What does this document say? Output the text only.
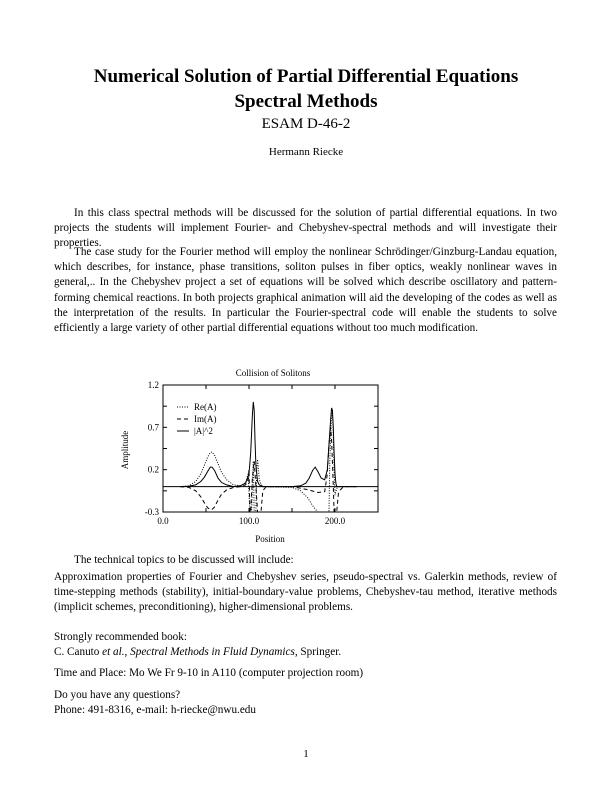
Numerical Solution of Partial Differential Equations
Spectral Methods
ESAM D-46-2
Hermann Riecke
In this class spectral methods will be discussed for the solution of partial differential equations. In two projects the students will implement Fourier- and Chebyshev-spectral methods and will investigate their properties.
The case study for the Fourier method will employ the nonlinear Schrödinger/Ginzburg-Landau equation, which describes, for instance, phase transitions, soliton pulses in fiber optics, weakly nonlinear waves in general,.. In the Chebyshev project a set of equations will be solved which describe oscillatory and pattern-forming chemical reactions. In both projects graphical animation will aid the developing of the codes as well as the interpretation of the results. In particular the Fourier-spectral code will enable the students to solve efficiently a large variety of other partial differential equations without too much modification.
Collision of Solitons
Position
Amplitude
0.0	100.0	200.0
-0.3
0.2
0.7
1.2
Re(A)
Im(A)
|A|^2
The technical topics to be discussed will include:
Approximation properties of Fourier and Chebyshev series, pseudo-spectral vs. Galerkin methods, review of time-stepping methods (stability), initial-boundary-value problems, Chebyshev-tau method, iterative methods (implicit schemes, preconditioning), higher-dimensional problems.
Strongly recommended book:
C. Canuto et al., Spectral Methods in Fluid Dynamics, Springer.
Time and Place: Mo We Fr 9-10 in A110 (computer projection room)
Do you have any questions?
Phone: 491-8316, e-mail: h-riecke@nwu.edu
1
